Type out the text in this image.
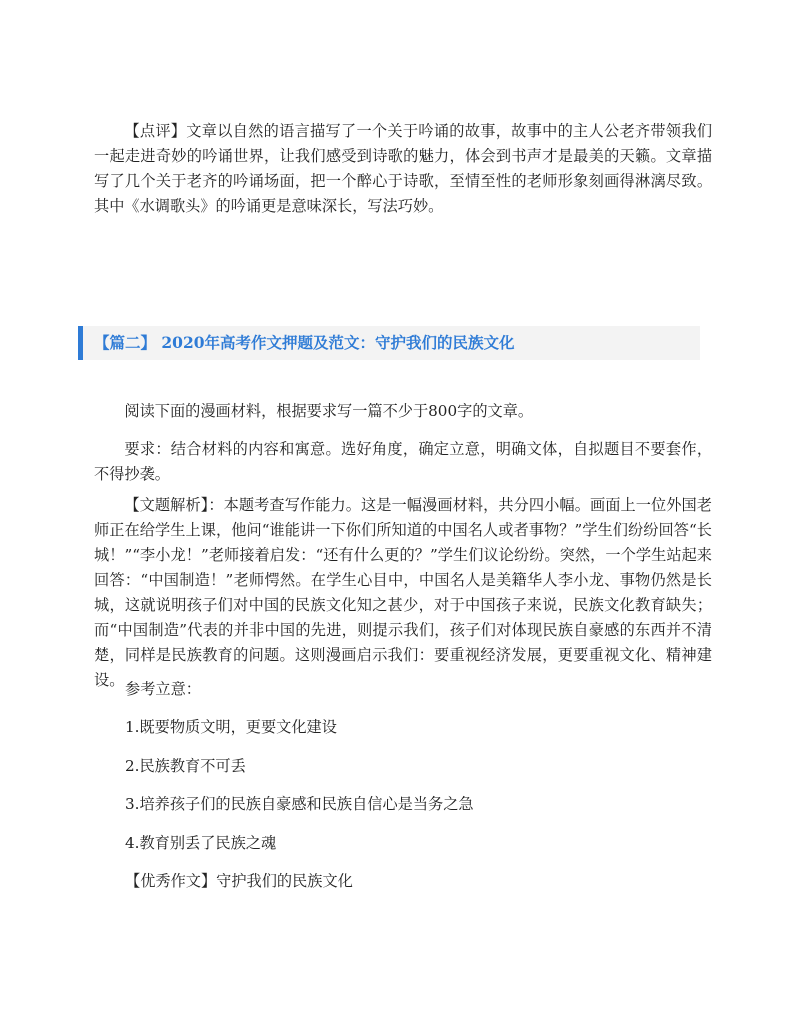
【点评】文章以自然的语言描写了一个关于吟诵的故事，故事中的主人公老齐带领我们一起走进奇妙的吟诵世界，让我们感受到诗歌的魅力，体会到书声才是最美的天籁。文章描写了几个关于老齐的吟诵场面，把一个醉心于诗歌，至情至性的老师形象刻画得淋漓尽致。其中《水调歌头》的吟诵更是意味深长，写法巧妙。

【篇二】 2020年高考作文押题及范文：守护我们的民族文化

阅读下面的漫画材料，根据要求写一篇不少于800字的文章。

要求：结合材料的内容和寓意。选好角度，确定立意，明确文体，自拟题目不要套作，不得抄袭。

【文题解析】：本题考查写作能力。这是一幅漫画材料，共分四小幅。画面上一位外国老师正在给学生上课，他问“谁能讲一下你们所知道的中国名人或者事物？”学生们纷纷回答“长城！”“李小龙！”老师接着启发：“还有什么更的？”学生们议论纷纷。突然，一个学生站起来回答：“中国制造！”老师愕然。在学生心目中，中国名人是美籍华人李小龙、事物仍然是长城，这就说明孩子们对中国的民族文化知之甚少，对于中国孩子来说，民族文化教育缺失；而“中国制造”代表的并非中国的先进，则提示我们，孩子们对体现民族自豪感的东西并不清楚，同样是民族教育的问题。这则漫画启示我们：要重视经济发展，更要重视文化、精神建设。 参考立意：

1.既要物质文明，更要文化建设

2.民族教育不可丢

3.培养孩子们的民族自豪感和民族自信心是当务之急

4.教育别丢了民族之魂

【优秀作文】守护我们的民族文化
